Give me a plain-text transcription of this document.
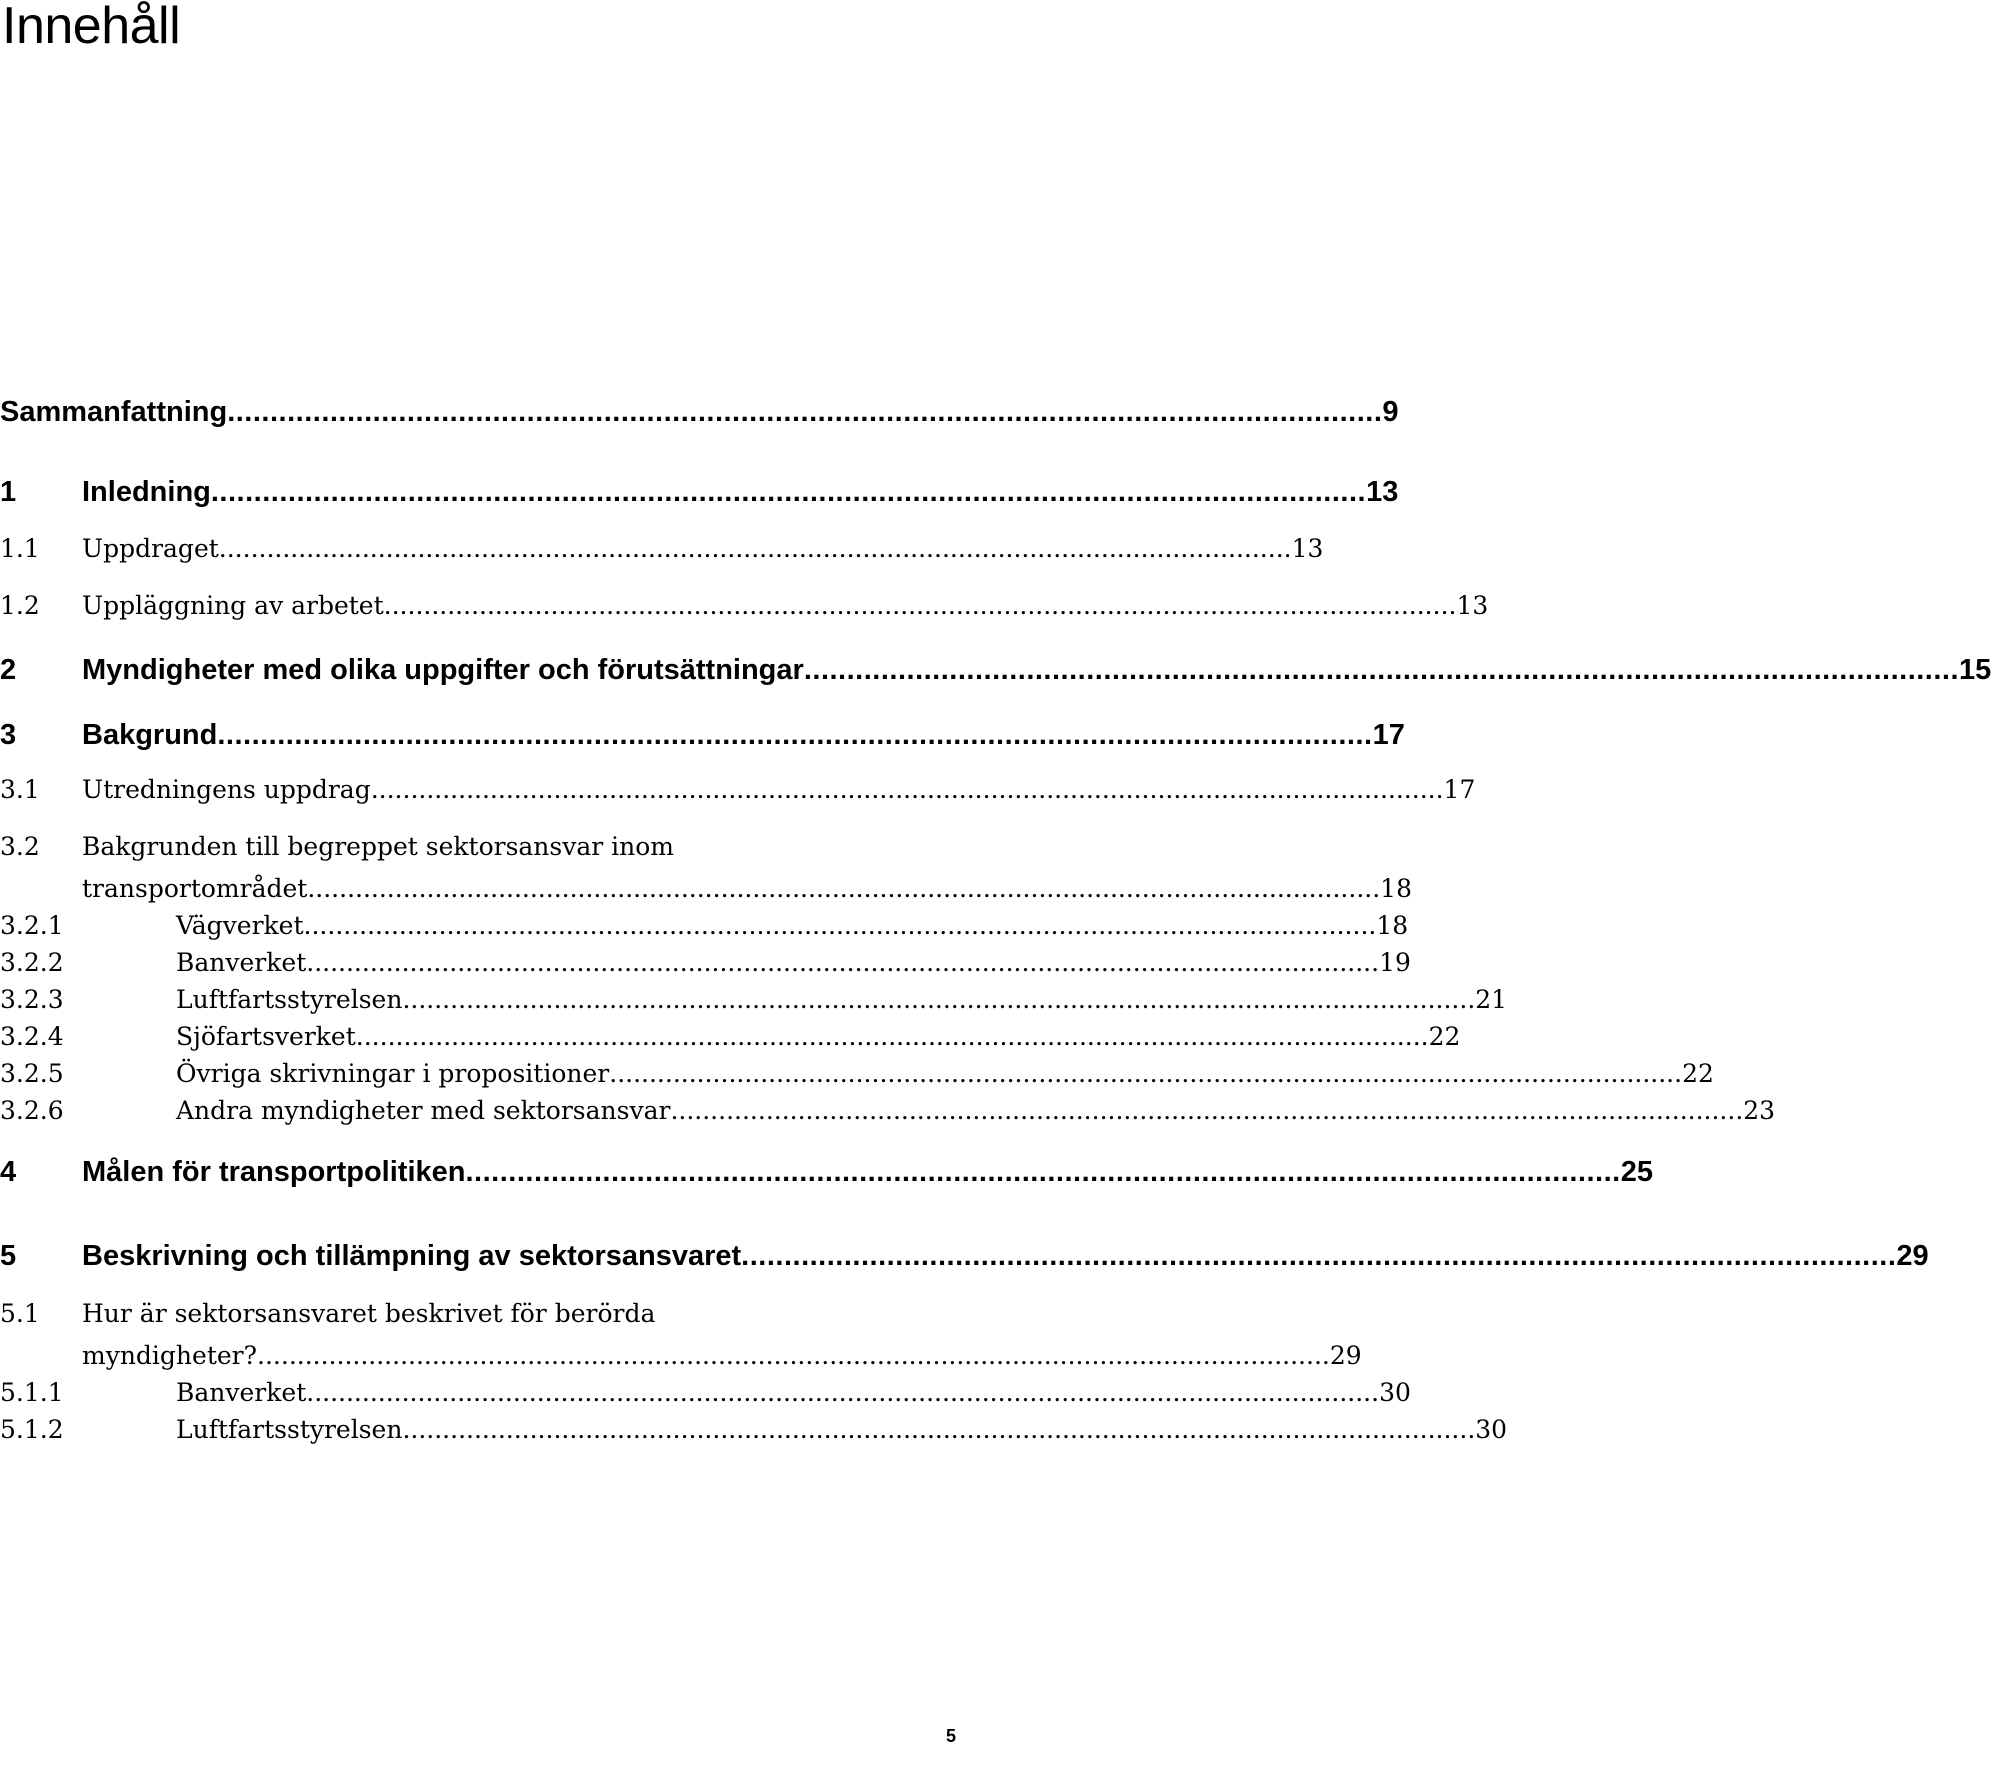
Innehåll
Sammanfattning ....................................................................................................................................... 9
1	Inledning ....................................................................................................................................... 13
1.1	Uppdraget ....................................................................................................................................... 13
1.2	Uppläggning av arbetet ....................................................................................................................................... 13
2	Myndigheter med olika uppgifter och förutsättningar ....................................................................................................................................... 15
3	Bakgrund ....................................................................................................................................... 17
3.1	Utredningens uppdrag ....................................................................................................................................... 17
3.2	Bakgrunden till begreppet sektorsansvar inom
transportområdet ....................................................................................................................................... 18
3.2.1	Vägverket ....................................................................................................................................... 18
3.2.2	Banverket ....................................................................................................................................... 19
3.2.3	Luftfartsstyrelsen ....................................................................................................................................... 21
3.2.4	Sjöfartsverket ....................................................................................................................................... 22
3.2.5	Övriga skrivningar i propositioner ....................................................................................................................................... 22
3.2.6	Andra myndigheter med sektorsansvar ....................................................................................................................................... 23
4	Målen för transportpolitiken ....................................................................................................................................... 25
5	Beskrivning och tillämpning av sektorsansvaret ....................................................................................................................................... 29
5.1	Hur är sektorsansvaret beskrivet för berörda
myndigheter? ....................................................................................................................................... 29
5.1.1	Banverket ....................................................................................................................................... 30
5.1.2	Luftfartsstyrelsen ....................................................................................................................................... 30
5
